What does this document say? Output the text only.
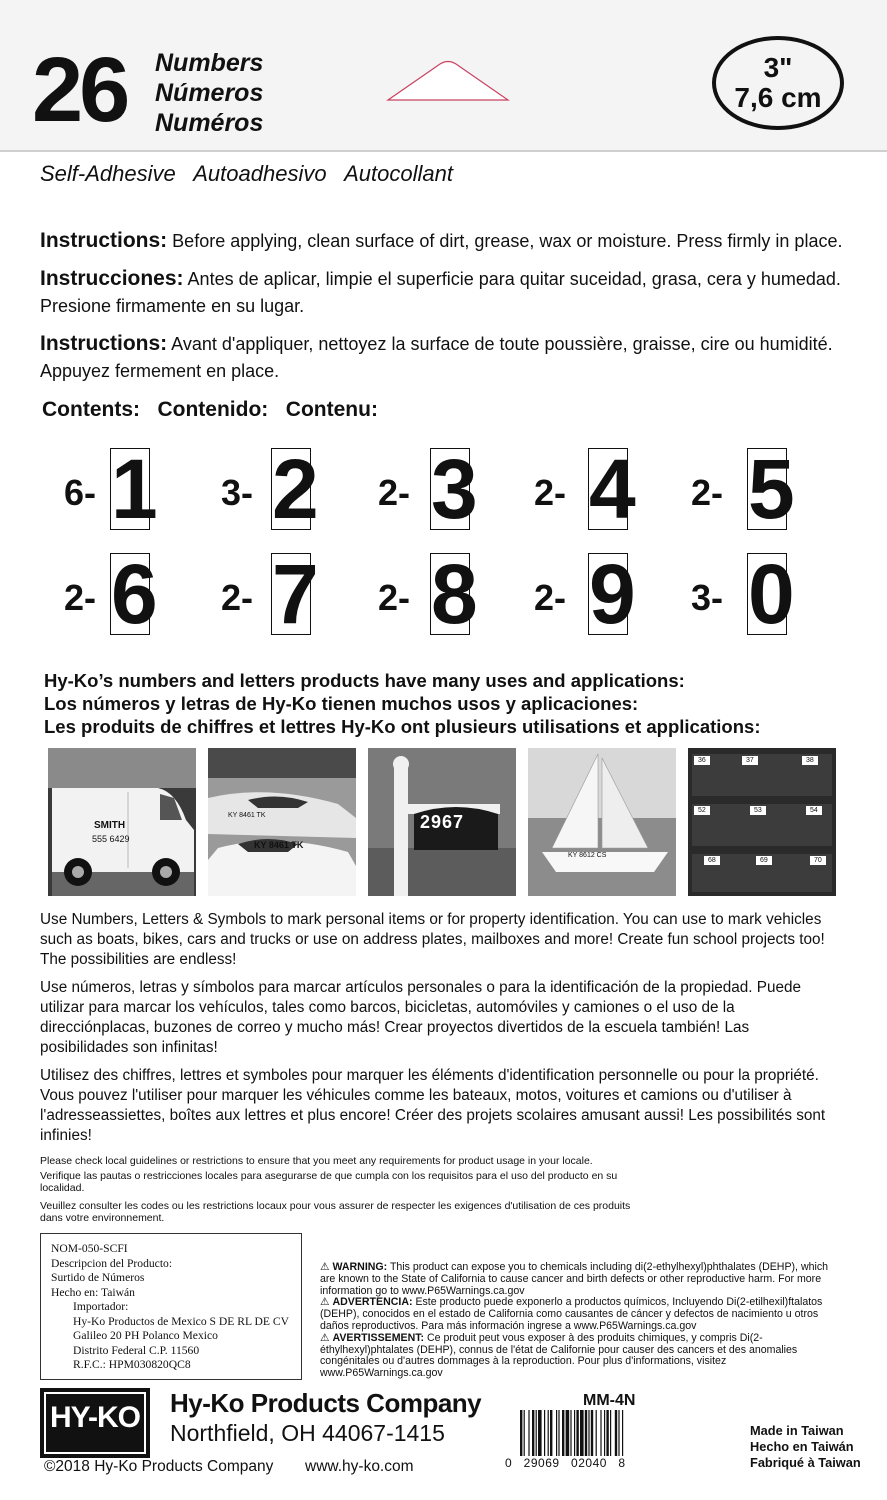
26 Numbers
Números
Numéros
3"
7,6 cm
Self-Adhesive   Autoadhesivo   Autocollant
Instructions: Before applying, clean surface of dirt, grease, wax or moisture. Press firmly in place.
Instrucciones: Antes de aplicar, limpie el superficie para quitar suceidad, grasa, cera y humedad. Presione firmamente en su lugar.
Instructions: Avant d'appliquer, nettoyez la surface de toute poussière, graisse, cire ou humidité. Appuyez fermement en place.
Contents:   Contenido:   Contenu:
6- 1 3- 2 2- 3 2- 4 2- 5
2- 6 2- 7 2- 8 2- 9 3- 0
Hy-Ko’s numbers and letters products have many uses and applications:
Los números y letras de Hy-Ko tienen muchos usos y aplicaciones:
Les produits de chiffres et lettres Hy-Ko ont plusieurs utilisations et applications:
SMITH
555 6429
KY 8461 TK
KY 8461 TK
2967
KY 8612 CS
36	37	38
52	53	54
68	69	70
Use Numbers, Letters & Symbols to mark personal items or for property identification. You can use to mark vehicles such as boats, bikes, cars and trucks or use on address plates, mailboxes and more! Create fun school projects too! The possibilities are endless!
Use números, letras y símbolos para marcar artículos personales o para la identificación de la propiedad. Puede utilizar para marcar los vehículos, tales como barcos, bicicletas, automóviles y camiones o el uso de la direcciónplacas, buzones de correo y mucho más! Crear proyectos divertidos de la escuela también! Las posibilidades son infinitas!
Utilisez des chiffres, lettres et symboles pour marquer les éléments d'identification personnelle ou pour la propriété. Vous pouvez l'utiliser pour marquer les véhicules comme les bateaux, motos, voitures et camions ou d'utiliser à l'adresseassiettes, boîtes aux lettres et plus encore! Créer des projets scolaires amusant aussi! Les possibilités sont infinies!
Please check local guidelines or restrictions to ensure that you meet any requirements for product usage in your locale.
Verifique las pautas o restricciones locales para asegurarse de que cumpla con los requisitos para el uso del producto en su localidad.
Veuillez consulter les codes ou les restrictions locaux pour vous assurer de respecter les exigences d'utilisation de ces produits dans votre environnement.
NOM-050-SCFI
Descripcion del Producto:
Surtido de Números
Hecho en: Taiwán
Importador:
Hy-Ko Productos de Mexico S DE RL DE CV
Galileo 20 PH Polanco Mexico
Distrito Federal C.P. 11560
R.F.C.: HPM030820QC8
⚠ WARNING: This product can expose you to chemicals including di(2-ethylhexyl)phthalates (DEHP), which are known to the State of California to cause cancer and birth defects or other reproductive harm. For more information go to www.P65Warnings.ca.gov
⚠ ADVERTENCIA: Este producto puede exponerlo a productos químicos, Incluyendo Di(2-etilhexil)ftalatos (DEHP), conocidos en el estado de California como causantes de cáncer y defectos de nacimiento u otros daños reproductivos. Para más información ingrese a www.P65Warnings.ca.gov
⚠ AVERTISSEMENT: Ce produit peut vous exposer à des produits chimiques, y compris Di(2-éthylhexyl)phtalates (DEHP), connus de l'état de Californie pour causer des cancers et des anomalies congénitales ou d'autres dommages à la reproduction. Pour plus d'informations, visitez www.P65Warnings.ca.gov
HY-KO	Hy-Ko Products Company
Northfield, OH 44067-1415
MM-4N
0   29069   02040   8
Made in Taiwan
Hecho en Taiwán
Fabriqué à Taiwan
©2018 Hy-Ko Products Company www.hy-ko.com
